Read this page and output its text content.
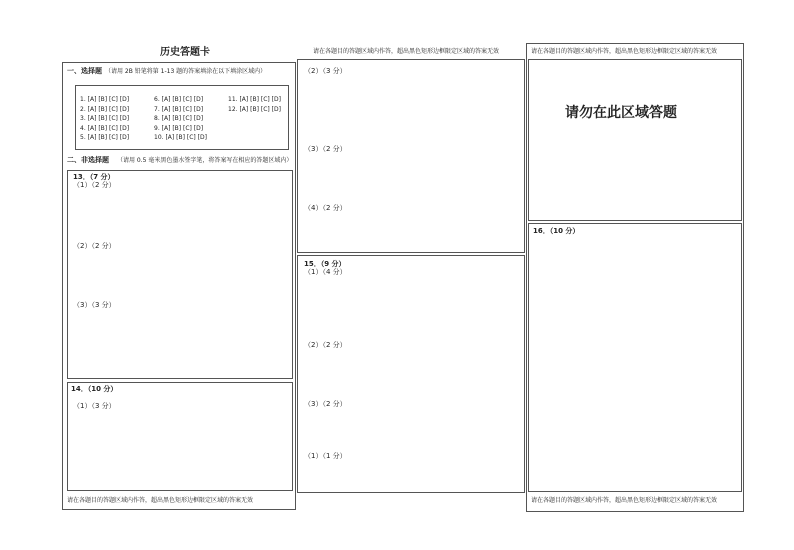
历史答题卡
一、选择题 （请用 2B 铅笔将第 1-13 题的答案填涂在以下填涂区域内）
1. [A] [B] [C] [D]	6. [A] [B] [C] [D]	11. [A] [B] [C] [D]
2. [A] [B] [C] [D]	7. [A] [B] [C] [D]	12. [A] [B] [C] [D]
3. [A] [B] [C] [D]	8. [A] [B] [C] [D]
4. [A] [B] [C] [D]	9. [A] [B] [C] [D]
5. [A] [B] [C] [D]	10. [A] [B] [C] [D]
二、非选择题 （请用 0.5 毫米黑色墨水签字笔，将答案写在相应的答题区域内）
13．（7 分）
（1）（2 分）
（2）（2 分）
（3）（3 分）
14．（10 分）
（1）（3 分）
请在各题目的答题区域内作答，超出黑色矩形边框限定区域的答案无效
请在各题目的答题区域内作答，超出黑色矩形边框限定区域的答案无效
（2）（3 分）
（3）（2 分）
（4）（2 分）
15．（9 分）
（1）（4 分）
（2）（2 分）
（3）（2 分）
（1）（1 分）
请在各题目的答题区域内作答，超出黑色矩形边框限定区域的答案无效
请勿在此区域答题
16．（10 分）
请在各题目的答题区域内作答，超出黑色矩形边框限定区域的答案无效
